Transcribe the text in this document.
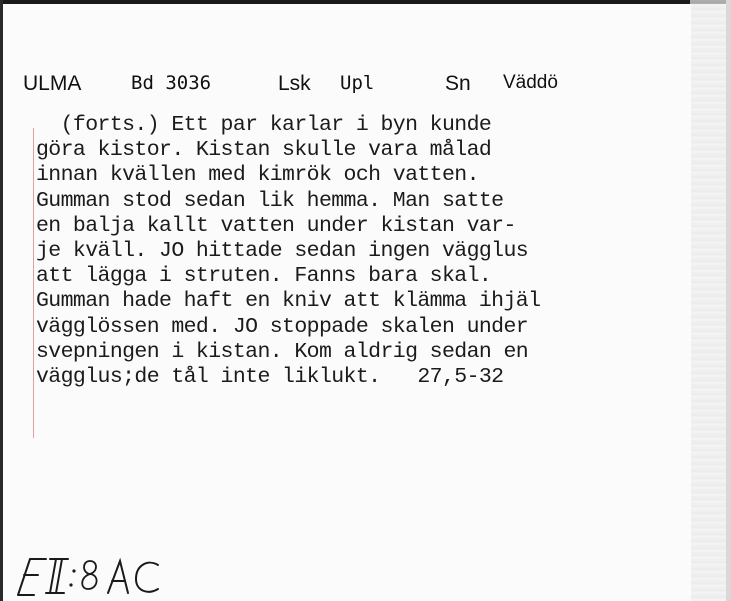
ULMA	Bd 3036	Lsk Upl	Sn Väddö
(forts.) Ett par karlar i byn kunde
göra kistor. Kistan skulle vara målad
innan kvällen med kimrök och vatten.
Gumman stod sedan lik hemma. Man satte
en balja kallt vatten under kistan var-
je kväll. JO hittade sedan ingen vägglus
att lägga i struten. Fanns bara skal.
Gumman hade haft en kniv att klämma ihjäl
vägglössen med. JO stoppade skalen under
svepningen i kistan. Kom aldrig sedan en
vägglus;de tål inte liklukt.   27,5-32
